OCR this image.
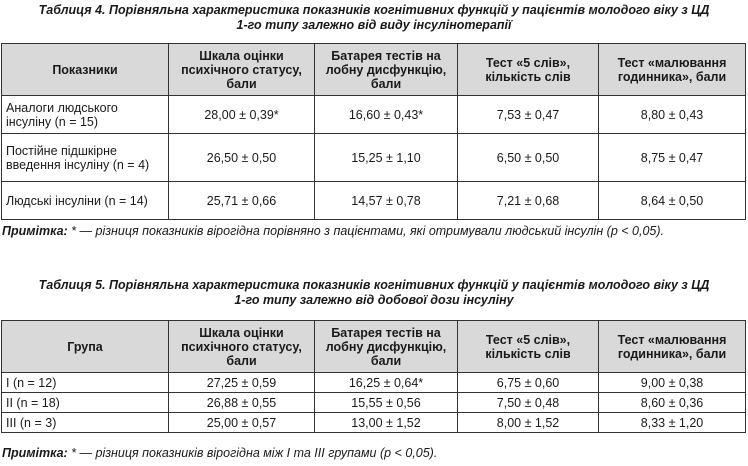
Таблиця 4. Порівняльна характеристика показників когнітивних функцій у пацієнтів молодого віку з ЦД
1-го типу залежно від виду інсулінотерапії
Показники	Шкала оцінки психічного статусу, бали	Батарея тестів на лобну дисфункцію, бали	Тест «5 слів», кількість слів	Тест «малювання годинника», бали
Аналоги людського інсуліну (n = 15)	28,00 ± 0,39*	16,60 ± 0,43*	7,53 ± 0,47	8,80 ± 0,43
Постійне підшкірне введення інсуліну (n = 4)	26,50 ± 0,50	15,25 ± 1,10	6,50 ± 0,50	8,75 ± 0,47
Людські інсуліни (n = 14)	25,71 ± 0,66	14,57 ± 0,78	7,21 ± 0,68	8,64 ± 0,50
Примітка: * — різниця показників вірогідна порівняно з пацієнтами, які отримували людський інсулін (p < 0,05).
Таблиця 5. Порівняльна характеристика показників когнітивних функцій у пацієнтів молодого віку з ЦД
1-го типу залежно від добової дози інсуліну
Група	Шкала оцінки психічного статусу, бали	Батарея тестів на лобну дисфункцію, бали	Тест «5 слів», кількість слів	Тест «малювання годинника», бали
I (n = 12)	27,25 ± 0,59	16,25 ± 0,64*	6,75 ± 0,60	9,00 ± 0,38
II (n = 18)	26,88 ± 0,55	15,55 ± 0,56	7,50 ± 0,48	8,60 ± 0,36
III (n = 3)	25,00 ± 0,57	13,00 ± 1,52	8,00 ± 1,52	8,33 ± 1,20
Примітка: * — різниця показників вірогідна між I та III групами (p < 0,05).
